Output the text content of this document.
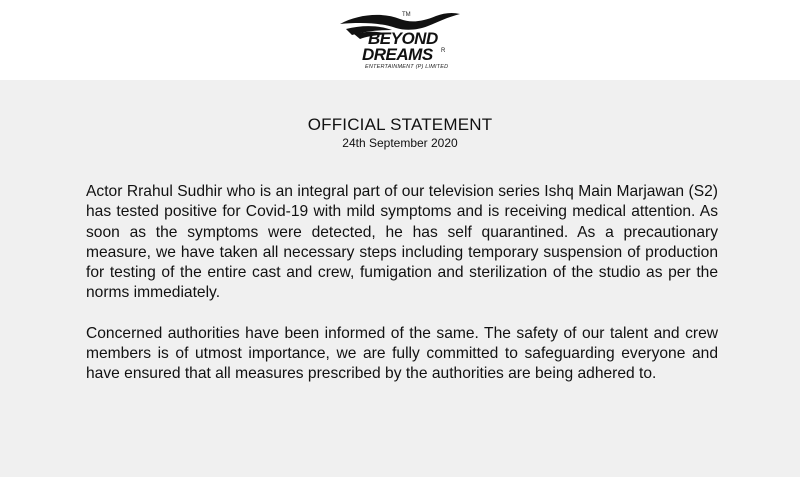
TM
BEYOND
DREAMS R
ENTERTAINMENT (P) LIMITED
OFFICIAL STATEMENT
24th September 2020

Actor Rrahul Sudhir who is an integral part of our television series Ishq Main Marjawan (S2) has tested positive for Covid-19 with mild symptoms and is receiving medical attention. As soon as the symptoms were detected, he has self quarantined. As a precautionary measure, we have taken all necessary steps including temporary suspension of production for testing of the entire cast and crew, fumigation and sterilization of the studio as per the norms immediately.

Concerned authorities have been informed of the same. The safety of our talent and crew members is of utmost importance, we are fully committed to safeguarding everyone and have ensured that all measures prescribed by the authorities are being adhered to.
